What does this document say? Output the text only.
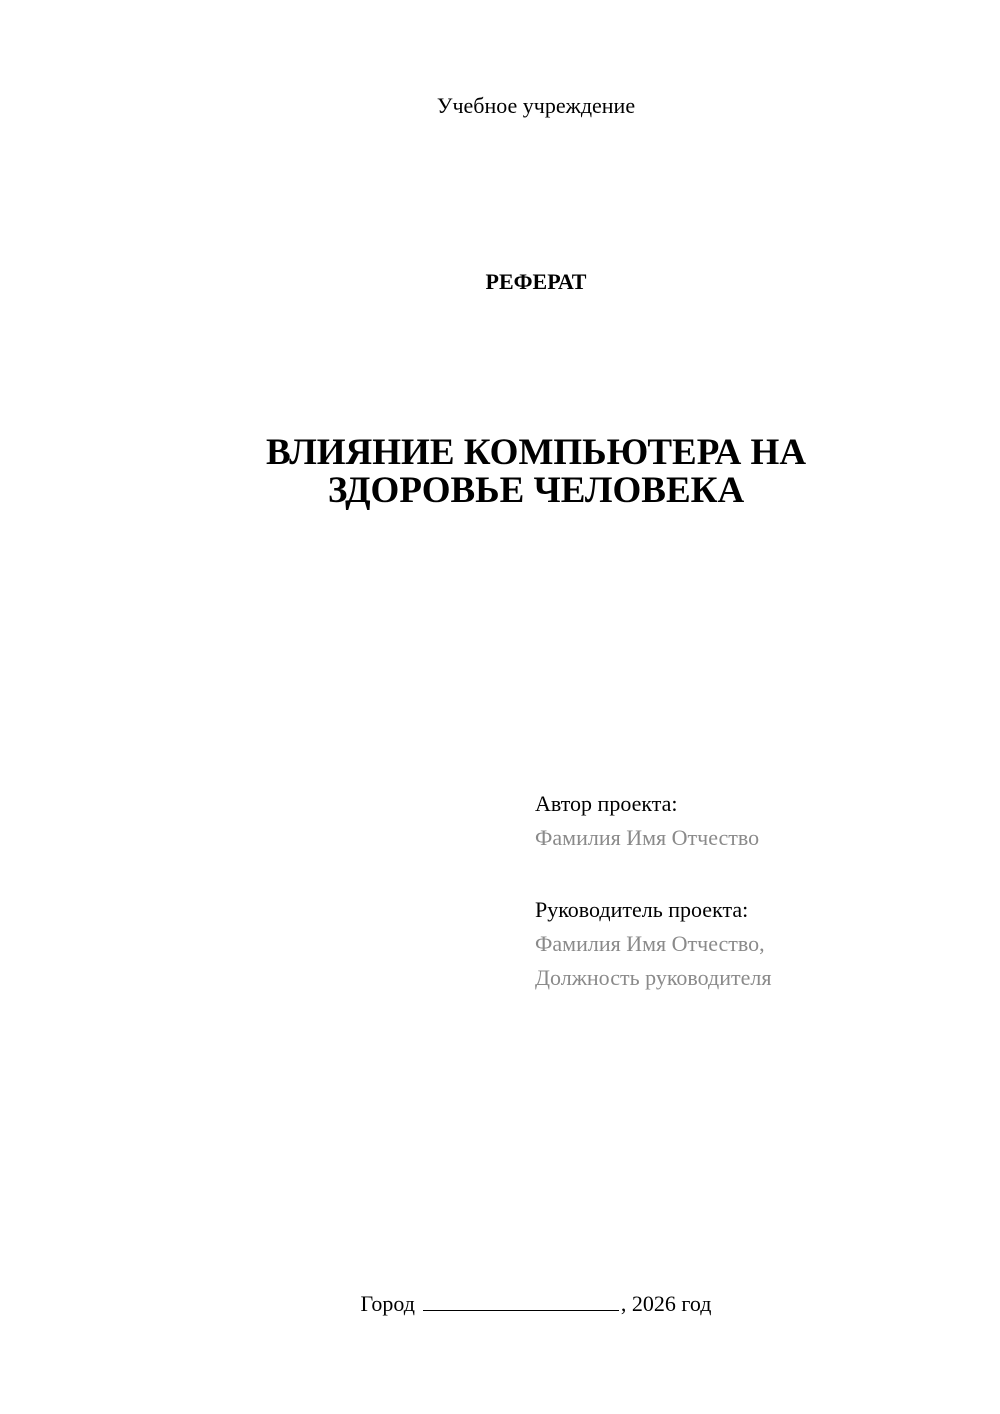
Учебное учреждение
РЕФЕРАТ
ВЛИЯНИЕ КОМПЬЮТЕРА НА
ЗДОРОВЬЕ ЧЕЛОВЕКА
Автор проекта:
Фамилия Имя Отчество
Руководитель проекта:
Фамилия Имя Отчество,
Должность руководителя
Город	, 2026 год
